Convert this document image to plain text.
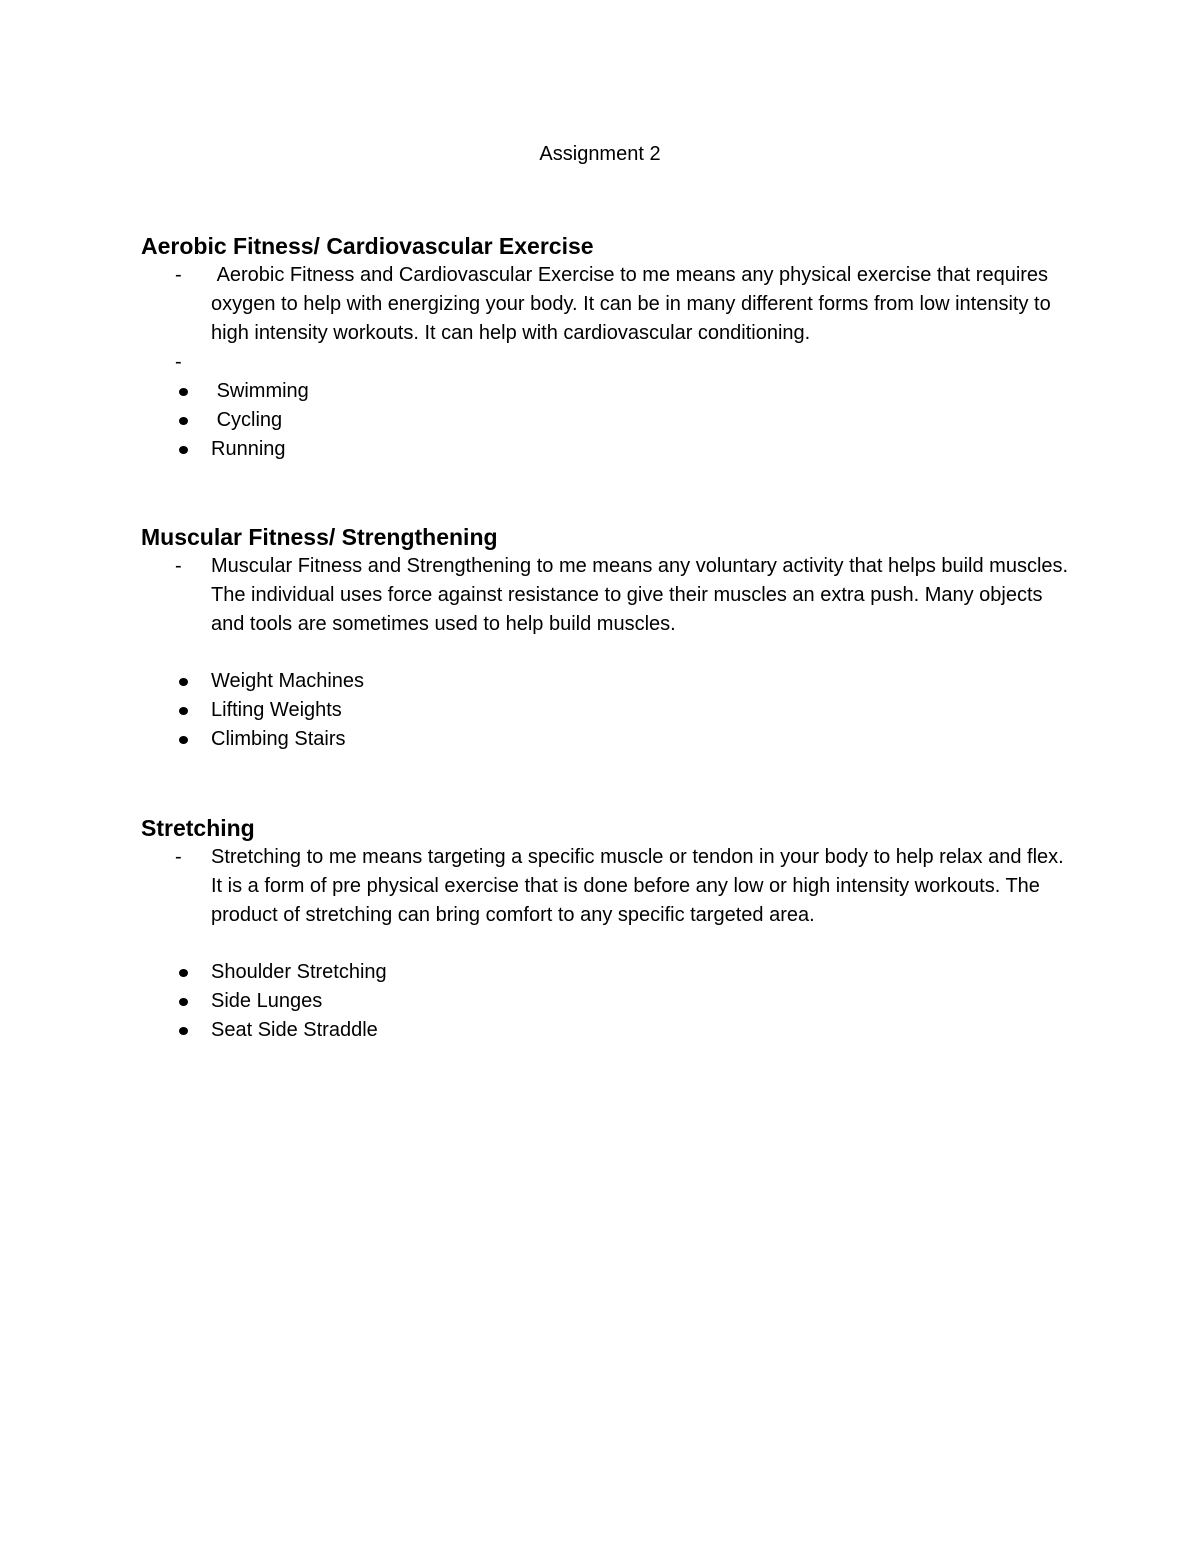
Assignment 2
Aerobic Fitness/ Cardiovascular Exercise
- Aerobic Fitness and Cardiovascular Exercise to me means any physical exercise that requires oxygen to help with energizing your body. It can be in many different forms from low intensity to high intensity workouts. It can help with cardiovascular conditioning.
-
Swimming
Cycling
Running
Muscular Fitness/ Strengthening
- Muscular Fitness and Strengthening to me means any voluntary activity that helps build muscles. The individual uses force against resistance to give their muscles an extra push. Many objects and tools are sometimes used to help build muscles.
Weight Machines
Lifting Weights
Climbing Stairs
Stretching
- Stretching to me means targeting a specific muscle or tendon in your body to help relax and flex. It is a form of pre physical exercise that is done before any low or high intensity workouts. The product of stretching can bring comfort to any specific targeted area.
Shoulder Stretching
Side Lunges
Seat Side Straddle
